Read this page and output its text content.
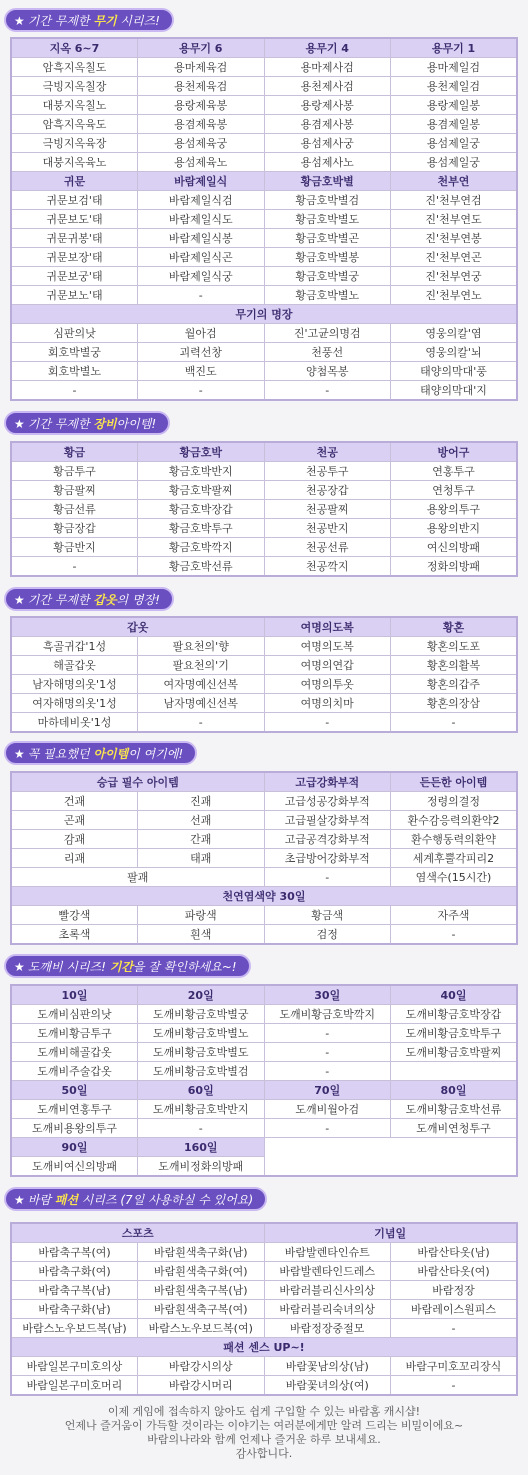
★ 기간 무제한 무기 시리즈!
★ 기간 무제한 장비아이템!
★ 기간 무제한 갑옷의 명장!
★ 꼭 필요했던 아이템이 여기에!
★ 도깨비 시리즈! 기간을 잘 확인하세요~!
★ 바람 패션 시리즈 (7일 사용하실 수 있어요)
지옥 6~7	용무기 6	용무기 4	용무기 1
암흑지옥칠도	용마제육검	용마제사검	용마제일검
극빙지옥칠장	용천제육검	용천제사검	용천제일검
대붕지옥칠노	용랑제육봉	용랑제사봉	용랑제일봉
암흑지옥육도	용겸제육봉	용겸제사봉	용겸제일봉
극빙지옥육장	용섬제육궁	용섬제사궁	용섬제일궁
대붕지옥육노	용섬제육노	용섬제사노	용섬제일궁
귀문	바람제일식	황금호박별	천부연
귀문보검'태	바람제일식검	황금호박별검	진'천부연검
귀문보도'태	바람제일식도	황금호박별도	진'천부연도
귀문귀봉'태	바람제일식봉	황금호박별곤	진'천부연봉
귀문보장'태	바람제일식곤	황금호박별봉	진'천부연곤
귀문보궁'태	바람제일식궁	황금호박별궁	진'천부연궁
귀문보노'태	-	황금호박별노	진'천부연노
무기의 명장			
심판의낫	월아검	진'고균의명검	영웅의칼'염
회호박별궁	괴력선창	천풍선	영웅의칼'뇌
회호박별노	백진도	양첨목봉	태양의막대'풍
-	-	-	태양의막대'지
황금	황금호박	천공	방어구
황금투구	황금호박반지	천공투구	연홍투구
황금팔찌	황금호박팔찌	천공장갑	연청투구
황금선류	황금호박장갑	천공팔찌	용왕의투구
황금장갑	황금호박투구	천공반지	용왕의반지
황금반지	황금호박깍지	천공선류	여신의방패
-	황금호박선류	천공깍지	정화의방패
갑옷		여명의도복	황혼
흑골귀갑'1성	팔요천의'향	여명의도복	황혼의도포
해골갑옷	팔요천의'기	여명의연갑	황혼의활복
남자해명의옷'1성	여자명예신선복	여명의투옷	황혼의갑주
여자해명의옷'1성	남자명예신선복	여명의치마	황혼의장삼
마하데비옷'1성	-	-	-
승급 필수 아이템		고급강화부적	든든한 아이템
건괘	진괘	고급성공강화부적	정령의결정
곤괘	선괘	고급필살강화부적	환수감응력의환약2
감괘	간괘	고급공격강화부적	환수행동력의환약
리괘	태괘	초급방어강화부적	세계후뿔각피리2
팔괘		-	염색수(15시간)
천연염색약 30일			
빨강색	파랑색	황금색	자주색
초록색	흰색	검정	-
10일	20일	30일	40일
도깨비심판의낫	도깨비황금호박별궁	도깨비황금호박깍지	도깨비황금호박장갑
도깨비황금투구	도깨비황금호박별노	-	도깨비황금호박투구
도깨비해골갑옷	도깨비황금호박별도	-	도깨비황금호박팔찌
도깨비주술갑옷	도깨비황금호박별검	-	
50일	60일	70일	80일
도깨비연홍투구	도깨비황금호박반지	도깨비월아검	도깨비황금호박선류
도깨비용왕의투구	-	-	도깨비연청투구
90일	160일		
도깨비여신의방패	도깨비정화의방패		
스포츠		기념일	
바람축구복(여)	바람흰색축구화(남)	바람발렌타인슈트	바람산타옷(남)
바람축구화(여)	바람흰색축구화(여)	바람발렌타인드레스	바람산타옷(여)
바람축구복(남)	바람흰색축구복(남)	바람러블리신사의상	바람정장
바람축구화(남)	바람흰색축구복(여)	바람러블리숙녀의상	바람레이스원피스
바람스노우보드복(남)	바람스노우보드복(여)	바람정장중절모	-
패션 센스 UP~!			
바람일본구미호의상	바람강시의상	바람꽃남의상(남)	바람구미호꼬리장식
바람일본구미호머리	바람강시머리	바람꽃녀의상(여)	-
이제 게임에 접속하지 않아도 쉽게 구입할 수 있는 바람홈 캐시샵!
언제나 즐거움이 가득할 것이라는 이야기는 여러분에게만 알려 드리는 비밀이에요~
바람의나라와 함께 언제나 즐거운 하루 보내세요.
감사합니다.
